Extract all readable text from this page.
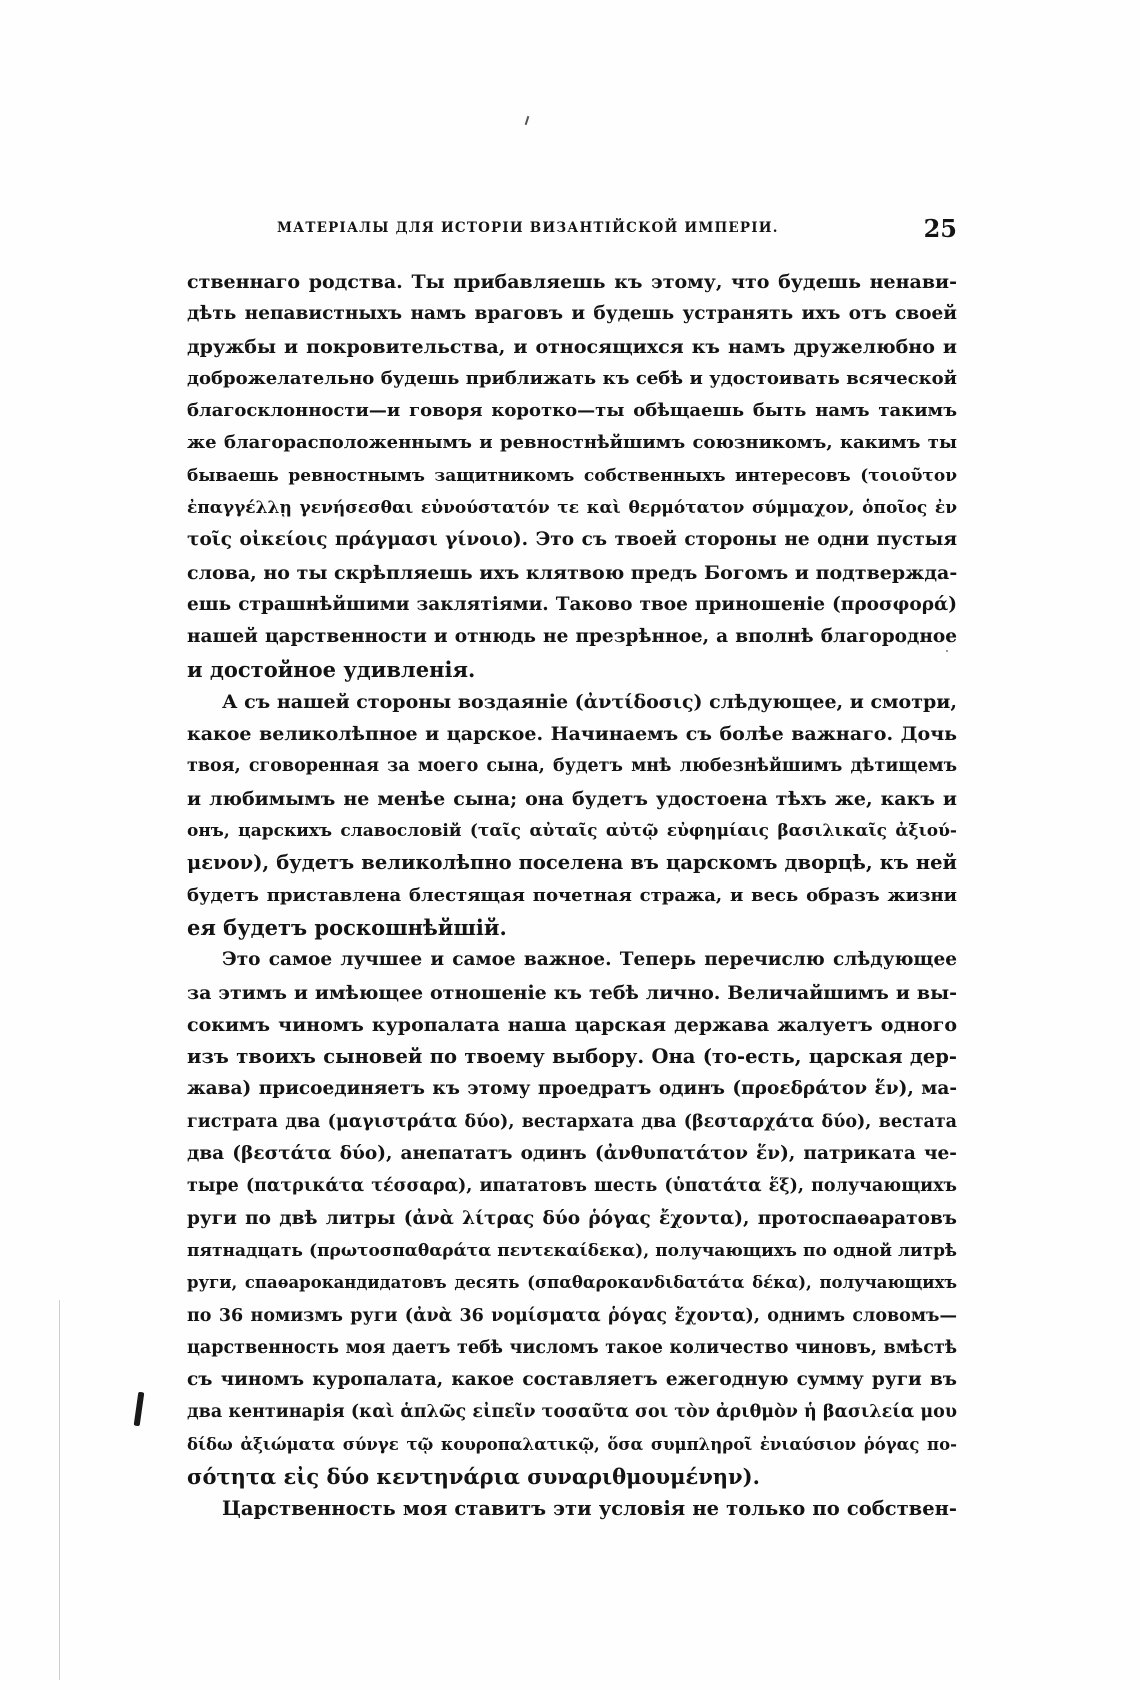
МАТЕРІАЛЫ ДЛЯ ИСТОРІИ ВИЗАНТІЙСКОЙ ИМПЕРІИ.	25
ственнаго родства. Ты прибавляешь къ этому, что будешь ненави-
дѣть непавистныхъ намъ враговъ и будешь устранять ихъ отъ своей
дружбы и покровительства, и относящихся къ намъ дружелюбно и
доброжелательно будешь приближать къ себѣ и удостоивать всяческой
благосклонности—и говоря коротко—ты обѣщаешь быть намъ такимъ
же благорасположеннымъ и ревностнѣйшимъ союзникомъ, какимъ ты
бываешь ревностнымъ защитникомъ собственныхъ интересовъ (τοιοῦτον
ἐπαγγέλλῃ γενήσεσθαι εὐνούστατόν τε καὶ θερμότατον σύμμαχον, ὁποῖος ἐν
τοῖς οἰκείοις πράγμασι γίνοιο). Это съ твоей стороны не одни пустыя
слова, но ты скрѣпляешь ихъ клятвою предъ Богомъ и подтвержда-
ешь страшнѣйшими заклятіями. Таково твое приношеніе (προσφορά)
нашей царственности и отнюдь не презрѣнное, а вполнѣ благородное
и достойное удивленія.
А съ нашей стороны воздаяніе (ἀντίδοσις) слѣдующее, и смотри,
какое великолѣпное и царское. Начинаемъ съ болѣе важнаго. Дочь
твоя, сговоренная за моего сына, будетъ мнѣ любезнѣйшимъ дѣтищемъ
и любимымъ не менѣе сына; она будетъ удостоена тѣхъ же, какъ и
онъ, царскихъ славословій (ταῖς αὐταῖς αὐτῷ εὐφημίαις βασιλικαῖς ἀξιού-
μενον), будетъ великолѣпно поселена въ царскомъ дворцѣ, къ ней
будетъ приставлена блестящая почетная стража, и весь образъ жизни
ея будетъ роскошнѣйшій.
Это самое лучшее и самое важное. Теперь перечислю слѣдующее
за этимъ и имѣющее отношеніе къ тебѣ лично. Величайшимъ и вы-
сокимъ чиномъ куропалата наша царская держава жалуетъ одного
изъ твоихъ сыновей по твоему выбору. Она (то-есть, царская дер-
жава) присоединяетъ къ этому проедратъ одинъ (προεδράτον ἕν), ма-
гистрата два (μαγιστράτα δύο), вестархата два (βεσταρχάτα δύο), вестата
два (βεστάτα δύο), анепататъ одинъ (ἀνθυπατάτον ἕν), патриката че-
тыре (πατρικάτα τέσσαρα), ипататовъ шесть (ὑπατάτα ἕξ), получающихъ
руги по двѣ литры (ἀνὰ λίτρας δύο ῥόγας ἔχοντα), протоспаѳаратовъ
пятнадцать (πρωτοσπαθαράτα πεντεκαίδεκα), получающихъ по одной литрѣ
руги, спаѳарокандидатовъ десять (σπαθαροκανδιδατάτα δέκα), получающихъ
по 36 номизмъ руги (ἀνὰ 36 νομίσματα ῥόγας ἔχοντα), однимъ словомъ—
царственность моя даетъ тебѣ числомъ такое количество чиновъ, вмѣстѣ
съ чиномъ куропалата, какое составляетъ ежегодную сумму руги въ
два кентинарія (καὶ ἁπλῶς εἰπεῖν τοσαῦτα σοι τὸν ἀριθμὸν ἡ βασιλεία μου
δίδω ἀξιώματα σύνγε τῷ κουροπαλατικῷ, ὅσα συμπληροῖ ἐνιαύσιον ῥόγας πο-
σότητα εἰς δύο κεντηνάρια συναριθμουμένην).
Царственность моя ставитъ эти условія не только по собствен-
